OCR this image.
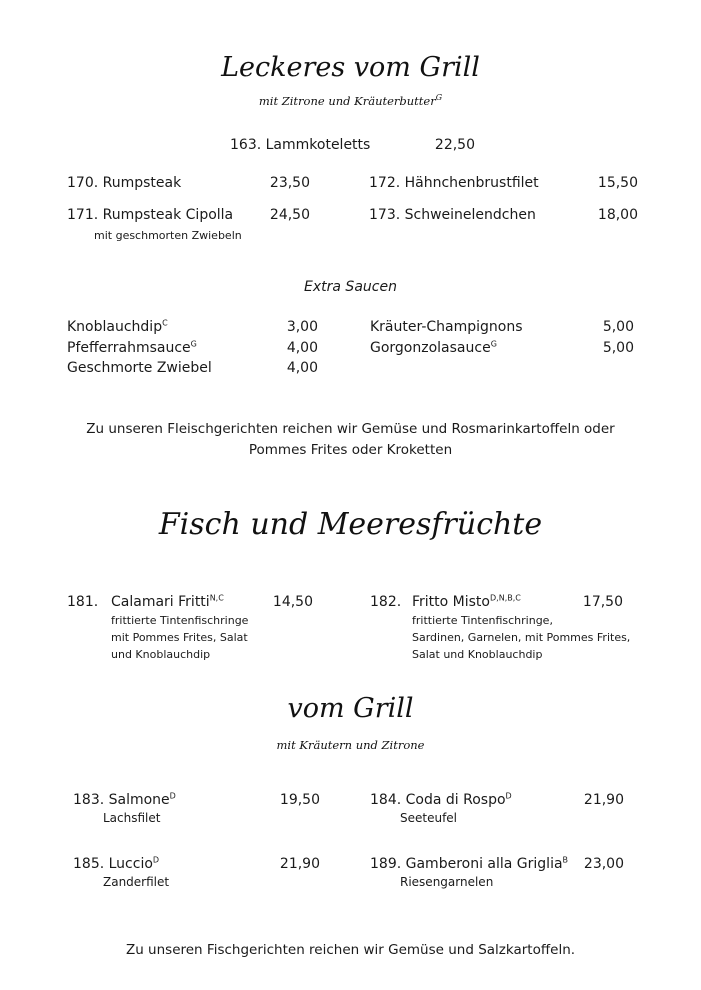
Leckeres vom Grill
mit Zitrone und Kräuterbutter$^G$
163. Lammkoteletts	22,50
170. Rumpsteak	23,50	172. Hähnchenbrustfilet	15,50
171. Rumpsteak Cipolla	24,50
mit geschmorten Zwiebeln
173. Schweinelendchen	18,00
Extra Saucen
Knoblauchdip$^C$	3,00
Pfefferrahmsauce$^G$	4,00
Geschmorte Zwiebel	4,00
Kräuter-Champignons	5,00
Gorgonzolasauce$^G$	5,00
Zu unseren Fleischgerichten reichen wir Gemüse und Rosmarinkartoffeln oder
Pommes Frites oder Kroketten
Fisch und Meeresfrüchte
181. Calamari Fritti$^{N,C}$	14,50
frittierte Tintenfischringe
mit Pommes Frites, Salat
und Knoblauchdip
182. Fritto Misto$^{D,N,B,C}$	17,50
frittierte Tintenfischringe,
Sardinen, Garnelen, mit Pommes Frites,
Salat und Knoblauchdip
vom Grill
mit Kräutern und Zitrone
183. Salmone$^D$	19,50
Lachsfilet
184. Coda di Rospo$^D$	21,90
Seeteufel
185. Luccio$^D$	21,90
Zanderfilet
189. Gamberoni alla Griglia$^B$	23,00
Riesengarnelen
Zu unseren Fischgerichten reichen wir Gemüse und Salzkartoffeln.
